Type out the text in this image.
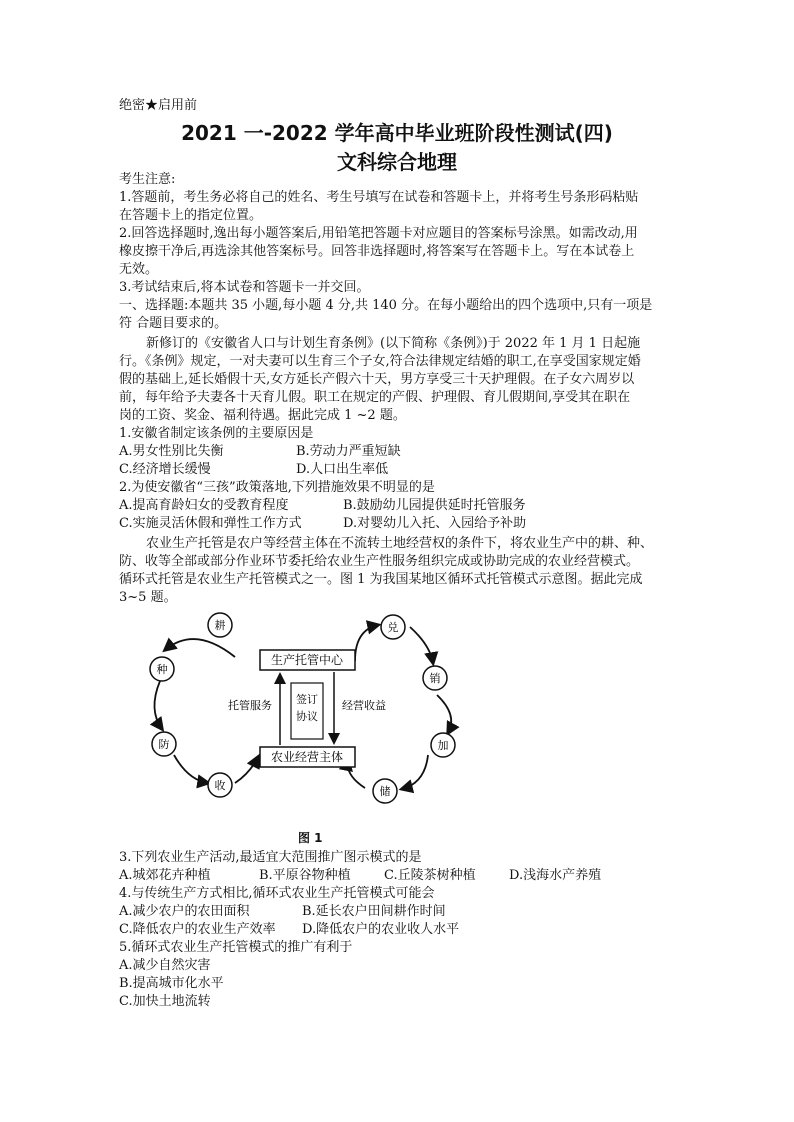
绝密★启用前
2021 一-2022 学年高中毕业班阶段性测试(四)
文科综合地理
考生注意:
1.答题前，考生务必将自己的姓名、考生号填写在试卷和答题卡上，并将考生号条形码粘贴
在答题卡上的指定位置。
2.回答选择题时,逸出每小题答案后,用铅笔把答题卡对应题目的答案标号涂黑。如需改动,用
橡皮擦干净后,再选涂其他答案标号。回答非选择题时,将答案写在答题卡上。写在本试卷上
无效。
3.考试结束后,将本试卷和答题卡一并交回。
一、选择题:本题共 35 小题,每小题 4 分,共 140 分。在每小题给出的四个选项中,只有一项是
符 合题目要求的。
新修订的《安徽省人口与计划生育条例》(以下简称《条例》)于 2022 年 1 月 1 日起施
行。《条例》规定，一对夫妻可以生育三个子女,符合法律规定结婚的职工,在享受国家规定婚
假的基础上,延长婚假十天,女方延长产假六十天，男方享受三十天护理假。在子女六周岁以
前，每年给予夫妻各十天育儿假。职工在规定的产假、护理假、育儿假期间,享受其在职在
岗的工资、奖金、福利待遇。据此完成 1 ~2 题。
1.安徽省制定该条例的主要原因是
A.男女性别比失衡	B.劳动力严重短缺
C.经济增长缓慢	D.人口出生率低
2.为使安徽省“三孩”政策落地,下列措施效果不明显的是
A.提高育龄妇女的受教育程度	B.鼓励幼儿园提供延时托管服务
C.实施灵活休假和弹性工作方式	D.对婴幼儿入托、入园给予补助
农业生产托管是农户等经营主体在不流转土地经营权的条件下，将农业生产中的耕、种、
防、收等全部或部分作业环节委托给农业生产性服务组织完成或协助完成的农业经营模式。
循环式托管是农业生产托管模式之一。图 1 为我国某地区循环式托管模式示意图。据此完成
3~5 题。
生产托管中心
农业经营主体
签订
协议
托管服务	经营收益
耕
种
防
收
兑
销
加
储
图 1
3.下列农业生产活动,最适宜大范围推广图示模式的是
A.城郊花卉种植	B.平原谷物种植	C.丘陵茶树种植	D.浅海水产养殖
4.与传统生产方式相比,循环式农业生产托管模式可能会
A.减少农户的农田面积	B.延长农户田间耕作时间
C.降低农户的农业生产效率 D.降低农户的农业收人水平
5.循环式农业生产托管模式的推广有利于
A.减少自然灾害
B.提高城市化水平
C.加快土地流转
